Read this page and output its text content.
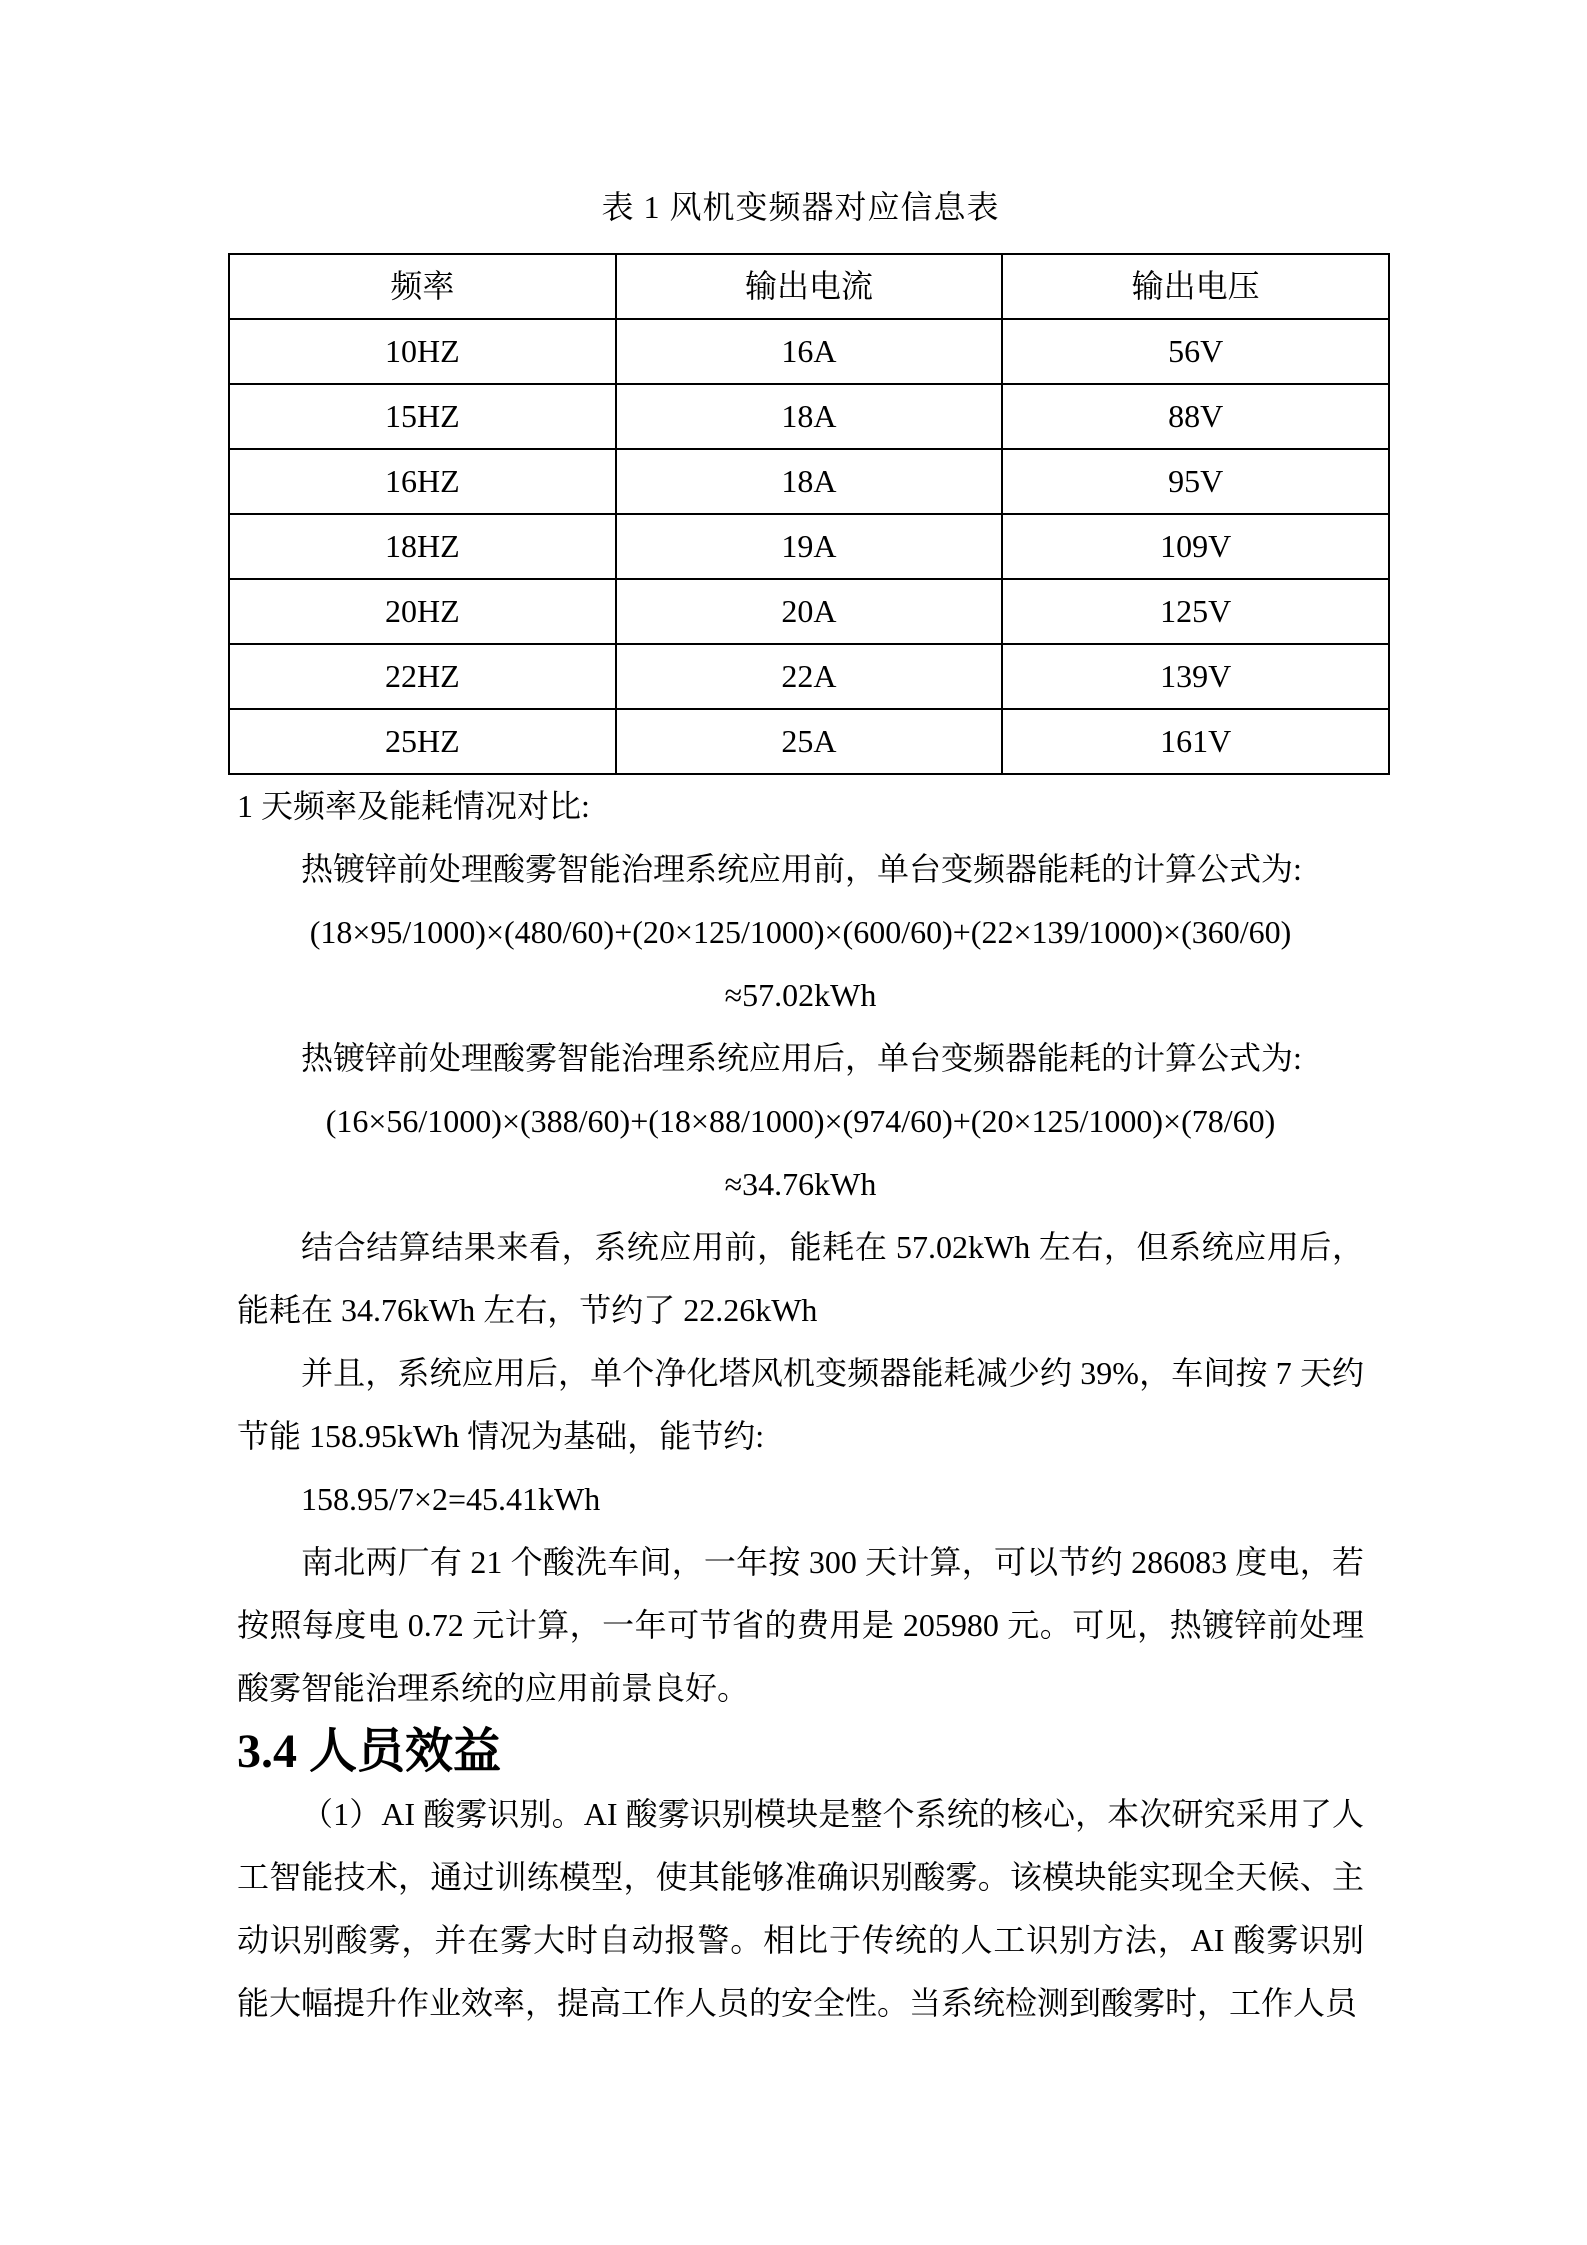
表 1 风机变频器对应信息表
频率	输出电流	输出电压
10HZ	16A	56V
15HZ	18A	88V
16HZ	18A	95V
18HZ	19A	109V
20HZ	20A	125V
22HZ	22A	139V
25HZ	25A	161V

1 天频率及能耗情况对比:

热镀锌前处理酸雾智能治理系统应用前，单台变频器能耗的计算公式为:

(18×95/1000)×(480/60)+(20×125/1000)×(600/60)+(22×139/1000)×(360/60)
≈57.02kWh

热镀锌前处理酸雾智能治理系统应用后，单台变频器能耗的计算公式为:

(16×56/1000)×(388/60)+(18×88/1000)×(974/60)+(20×125/1000)×(78/60)
≈34.76kWh

结合结算结果来看，系统应用前，能耗在 57.02kWh 左右，但系统应用后，能耗在 34.76kWh 左右，节约了 22.26kWh

并且，系统应用后，单个净化塔风机变频器能耗减少约 39%，车间按 7 天约节能 158.95kWh 情况为基础，能节约:

158.95/7×2=45.41kWh

南北两厂有 21 个酸洗车间，一年按 300 天计算，可以节约 286083 度电，若按照每度电 0.72 元计算，一年可节省的费用是 205980 元。可见，热镀锌前处理酸雾智能治理系统的应用前景良好。

3.4 人员效益

（1）AI 酸雾识别。AI 酸雾识别模块是整个系统的核心，本次研究采用了人工智能技术，通过训练模型，使其能够准确识别酸雾。该模块能实现全天候、主动识别酸雾，并在雾大时自动报警。相比于传统的人工识别方法，AI 酸雾识别能大幅提升作业效率，提高工作人员的安全性。当系统检测到酸雾时，工作人员
